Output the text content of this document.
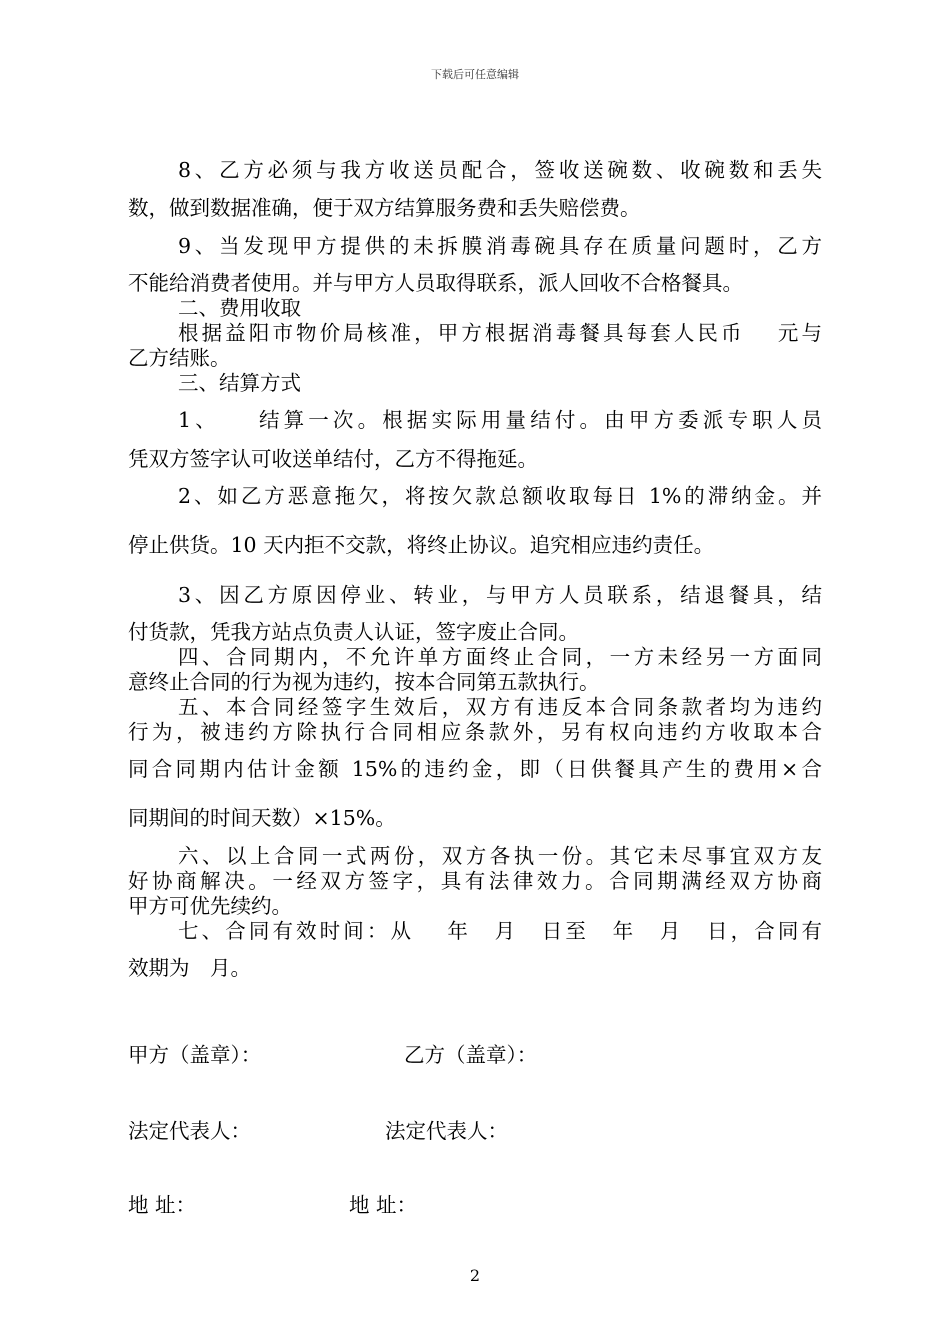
下载后可任意编辑
8、乙方必须与我方收送员配合，签收送碗数、收碗数和丢失
数，做到数据准确，便于双方结算服务费和丢失赔偿费。
9、当发现甲方提供的未拆膜消毒碗具存在质量问题时，乙方
不能给消费者使用。并与甲方人员取得联系，派人回收不合格餐具。
二、费用收取
根据益阳市物价局核准，甲方根据消毒餐具每套人民币　 元与
乙方结账。
三、结算方式
1、　　结算一次。根据实际用量结付。由甲方委派专职人员
凭双方签字认可收送单结付，乙方不得拖延。
2、如乙方恶意拖欠，将按欠款总额收取每日 1%的滞纳金。并
停止供货。10 天内拒不交款，将终止协议。追究相应违约责任。
3、因乙方原因停业、转业，与甲方人员联系，结退餐具，结
付货款，凭我方站点负责人认证，签字废止合同。
四、合同期内，不允许单方面终止合同，一方未经另一方面同
意终止合同的行为视为违约，按本合同第五款执行。
五、本合同经签字生效后，双方有违反本合同条款者均为违约
行为，被违约方除执行合同相应条款外，另有权向违约方收取本合
同合同期内估计金额 15%的违约金，即（日供餐具产生的费用×合
同期间的时间天数）×15%。
六、以上合同一式两份，双方各执一份。其它未尽事宜双方友
好协商解决。一经双方签字，具有法律效力。合同期满经双方协商
甲方可优先续约。
七、合同有效时间：从　 年　月　日至　年　月　日，合同有
效期为　月。
甲方（盖章）：	乙方（盖章）：
法定代表人：	法定代表人：
地 址：	地 址：
2
